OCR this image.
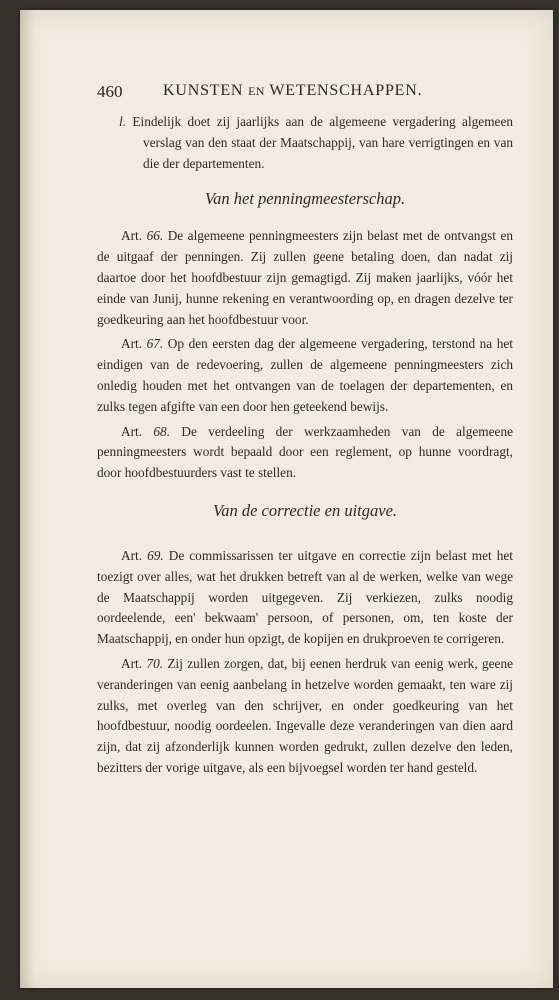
460	KUNSTEN EN WETENSCHAPPEN.

l. Eindelijk doet zij jaarlijks aan de algemeene vergadering algemeen verslag van den staat der Maatschappij, van hare verrigtingen en van die der departementen.

Van het penningmeesterschap.

Art. 66. De algemeene penningmeesters zijn belast met de ontvangst en de uitgaaf der penningen. Zij zullen geene betaling doen, dan nadat zij daartoe door het hoofdbestuur zijn gemagtigd. Zij maken jaarlijks, vóór het einde van Junij, hunne rekening en verantwoording op, en dragen dezelve ter goedkeuring aan het hoofdbestuur voor.

Art. 67. Op den eersten dag der algemeene vergadering, terstond na het eindigen van de redevoering, zullen de algemeene penningmeesters zich onledig houden met het ontvangen van de toelagen der departementen, en zulks tegen afgifte van een door hen geteekend bewijs.

Art. 68. De verdeeling der werkzaamheden van de algemeene penningmeesters wordt bepaald door een reglement, op hunne voordragt, door hoofdbestuurders vast te stellen.

Van de correctie en uitgave.

Art. 69. De commissarissen ter uitgave en correctie zijn belast met het toezigt over alles, wat het drukken betreft van al de werken, welke van wege de Maatschappij worden uitgegeven. Zij verkiezen, zulks noodig oordeelende, een' bekwaam' persoon, of personen, om, ten koste der Maatschappij, en onder hun opzigt, de kopijen en drukproeven te corrigeren.

Art. 70. Zij zullen zorgen, dat, bij eenen herdruk van eenig werk, geene veranderingen van eenig aanbelang in hetzelve worden gemaakt, ten ware zij zulks, met overleg van den schrijver, en onder goedkeuring van het hoofdbestuur, noodig oordeelen. Ingevalle deze veranderingen van dien aard zijn, dat zij afzonderlijk kunnen worden gedrukt, zullen dezelve den leden, bezitters der vorige uitgave, als een bijvoegsel worden ter hand gesteld.
